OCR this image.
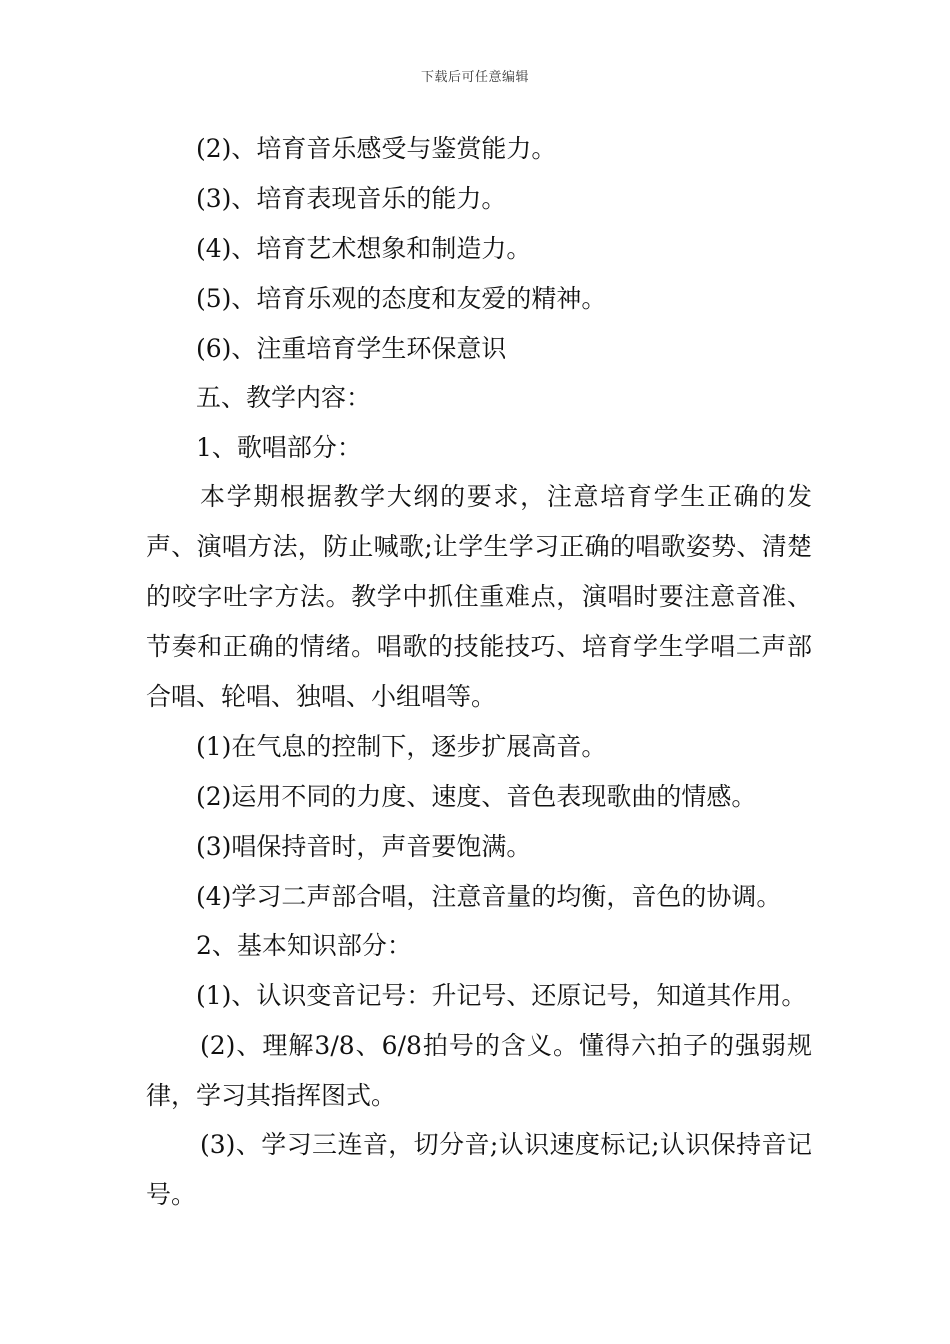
下载后可任意编辑
(2)、培育音乐感受与鉴赏能力。
(3)、培育表现音乐的能力。
(4)、培育艺术想象和制造力。
(5)、培育乐观的态度和友爱的精神。
(6)、注重培育学生环保意识
五、教学内容：
1、歌唱部分：
本学期根据教学大纲的要求，注意培育学生正确的发声、演唱方法，防止喊歌;让学生学习正确的唱歌姿势、清楚的咬字吐字方法。教学中抓住重难点，演唱时要注意音准、节奏和正确的情绪。唱歌的技能技巧、培育学生学唱二声部合唱、轮唱、独唱、小组唱等。
(1)在气息的控制下，逐步扩展高音。
(2)运用不同的力度、速度、音色表现歌曲的情感。
(3)唱保持音时，声音要饱满。
(4)学习二声部合唱，注意音量的均衡，音色的协调。
2、基本知识部分：
(1)、认识变音记号：升记号、还原记号，知道其作用。
(2)、理解3/8、6/8拍号的含义。懂得六拍子的强弱规律，学习其指挥图式。
(3)、学习三连音，切分音;认识速度标记;认识保持音记号。
